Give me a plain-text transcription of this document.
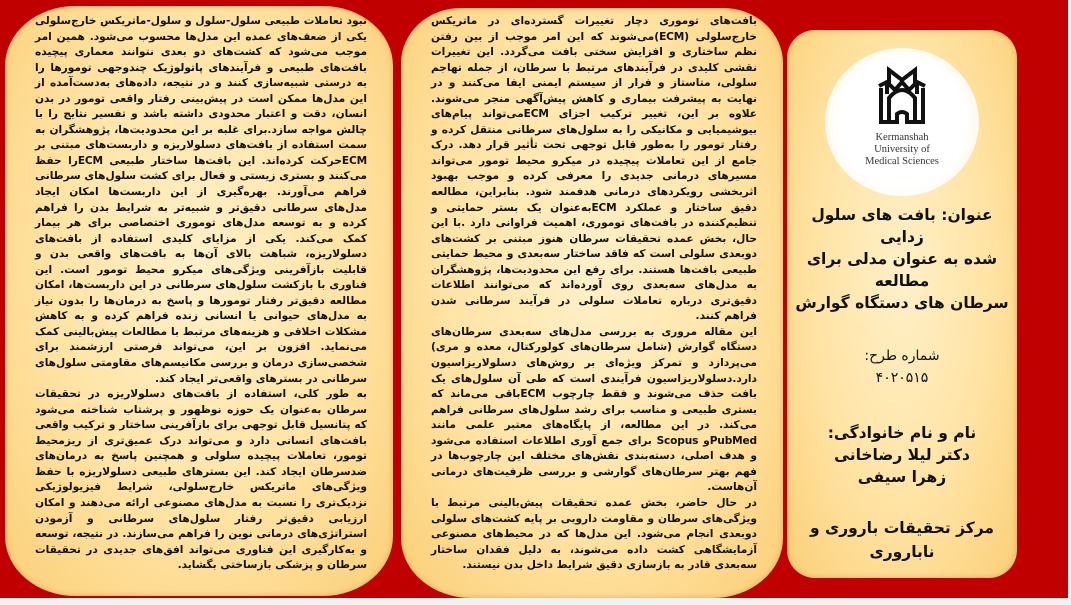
نبود تعاملات طبیعی سلول-سلول و سلول-ماتریکس خارج‌سلولی یکی از ضعف‌های عمده این مدل‌ها محسوب می‌شود. همین امر موجب می‌شود که کشت‌های دو بعدی نتوانند معماری پیچیده بافت‌های طبیعی و فرآیندهای پاتولوژیک چندوجهی تومورها را به درستی شبیه‌سازی کنند و در نتیجه، داده‌های به‌دست‌آمده از این مدل‌ها ممکن است در پیش‌بینی رفتار واقعی تومور در بدن انسان، دقت و اعتبار محدودی داشته باشد و تفسیر نتایج را با چالش مواجه سازد.برای غلبه بر این محدودیت‌ها، پژوهشگران به سمت استفاده از بافت‌های دسلولاریزه و داربست‌های مبتنی بر ECMحرکت کرده‌اند. این بافت‌ها ساختار طبیعی ECMرا حفظ می‌کنند و بستری زیستی و فعال برای کشت سلول‌های سرطانی فراهم می‌آورند. بهره‌گیری از این داربست‌ها امکان ایجاد مدل‌های سرطانی دقیق‌تر و شبیه‌تر به شرایط بدن را فراهم کرده و به توسعه مدل‌های توموری اختصاصی برای هر بیمار کمک می‌کند. یکی از مزایای کلیدی استفاده از بافت‌های دسلولاریزه، شباهت بالای آن‌ها به بافت‌های واقعی بدن و قابلیت بازآفرینی ویژگی‌های میکرو محیط تومور است. این فناوری با بازکشت سلول‌های سرطانی در این داربست‌ها، امکان مطالعه دقیق‌تر رفتار تومورها و پاسخ به درمان‌ها را بدون نیاز به مدل‌های حیوانی یا انسانی زنده فراهم کرده و به کاهش مشکلات اخلاقی و هزینه‌های مرتبط با مطالعات پیش‌بالینی کمک می‌نماید. افزون بر این، می‌تواند فرصتی ارزشمند برای شخصی‌سازی درمان و بررسی مکانیسم‌های مقاومتی سلول‌های سرطانی در بسترهای واقعی‌تر ایجاد کند.

به طور کلی، استفاده از بافت‌های دسلولاریزه در تحقیقات سرطان به‌عنوان یک حوزه نوظهور و پرشتاب شناخته می‌شود که پتانسیل قابل توجهی برای بازآفرینی ساختار و ترکیب واقعی بافت‌های انسانی دارد و می‌تواند درک عمیق‌تری از ریزمحیط تومور، تعاملات پیچیده سلولی و همچنین پاسخ به درمان‌های ضدسرطان ایجاد کند. این بسترهای طبیعی دسلولاریزه با حفظ ویژگی‌های ماتریکس خارج‌سلولی، شرایط فیزیولوژیکی نزدیک‌تری را نسبت به مدل‌های مصنوعی ارائه می‌دهند و امکان ارزیابی دقیق‌تر رفتار سلول‌های سرطانی و آزمودن استراتژی‌های درمانی نوین را فراهم می‌سازند. در نتیجه، توسعه و به‌کارگیری این فناوری می‌تواند افق‌های جدیدی در تحقیقات سرطان و پزشکی بازساختی بگشاید.

بافت‌های توموری دچار تغییرات گسترده‌ای در ماتریکس خارج‌سلولی (ECM)می‌شوند که این امر موجب از بین رفتن نظم ساختاری و افزایش سختی بافت می‌گردد. این تغییرات نقشی کلیدی در فرآیندهای مرتبط با سرطان، از جمله تهاجم سلولی، متاستاز و فرار از سیستم ایمنی ایفا می‌کنند و در نهایت به پیشرفت بیماری و کاهش پیش‌آگهی منجر می‌شوند. علاوه بر این، تغییر ترکیب اجزای ECMمی‌تواند پیام‌های بیوشیمیایی و مکانیکی را به سلول‌های سرطانی منتقل کرده و رفتار تومور را به‌طور قابل توجهی تحت تأثیر قرار دهد. درک جامع از این تعاملات پیچیده در میکرو محیط تومور می‌تواند مسیرهای درمانی جدیدی را معرفی کرده و موجب بهبود اثربخشی رویکردهای درمانی هدفمند شود. بنابراین، مطالعه دقیق ساختار و عملکرد ECMبه‌عنوان یک بستر حمایتی و تنظیم‌کننده در بافت‌های توموری، اهمیت فراوانی دارد .با این حال، بخش عمده تحقیقات سرطان هنوز مبتنی بر کشت‌های دوبعدی سلولی است که فاقد ساختار سه‌بعدی و محیط حمایتی طبیعی بافت‌ها هستند. برای رفع این محدودیت‌ها، پژوهشگران به مدل‌های سه‌بعدی روی آورده‌اند که می‌توانند اطلاعات دقیق‌تری درباره تعاملات سلولی در فرآیند سرطانی شدن فراهم کنند.

این مقاله مروری به بررسی مدل‌های سه‌بعدی سرطان‌های دستگاه گوارش (شامل سرطان‌های کولورکتال، معده و مری) می‌پردازد و تمرکز ویژه‌ای بر روش‌های دسلولاریزاسیون دارد.دسلولاریزاسیون فرآیندی است که طی آن سلول‌های یک بافت حذف می‌شوند و فقط چارچوب ECMباقی می‌ماند که بستری طبیعی و مناسب برای رشد سلول‌های سرطانی فراهم می‌کند. در این مطالعه، از پایگاه‌های معتبر علمی مانند PubMedو Scopus برای جمع آوری اطلاعات استفاده می‌شود و هدف اصلی، دسته‌بندی نقش‌های مختلف این چارچوب‌ها در فهم بهتر سرطان‌های گوارشی و بررسی ظرفیت‌های درمانی آن‌هاست.

در حال حاضر، بخش عمده تحقیقات پیش‌بالینی مرتبط با ویژگی‌های سرطان و مقاومت دارویی بر پایه کشت‌های سلولی دوبعدی انجام می‌شود. این مدل‌ها که در محیط‌های مصنوعی آزمایشگاهی کشت داده می‌شوند، به دلیل فقدان ساختار سه‌بعدی قادر به بازسازی دقیق شرایط داخل بدن نیستند.

Kermanshah
University of
Medical Sciences
عنوان: بافت های سلول زدایی
شده به عنوان مدلی برای مطالعه
سرطان های دستگاه گوارش
شماره طرح:
۴۰۲۰۵۱۵
نام و نام خانوادگی:
دکتر لیلا رضاخانی
زهرا سیفی
مرکز تحقیقات باروری و
ناباروری
